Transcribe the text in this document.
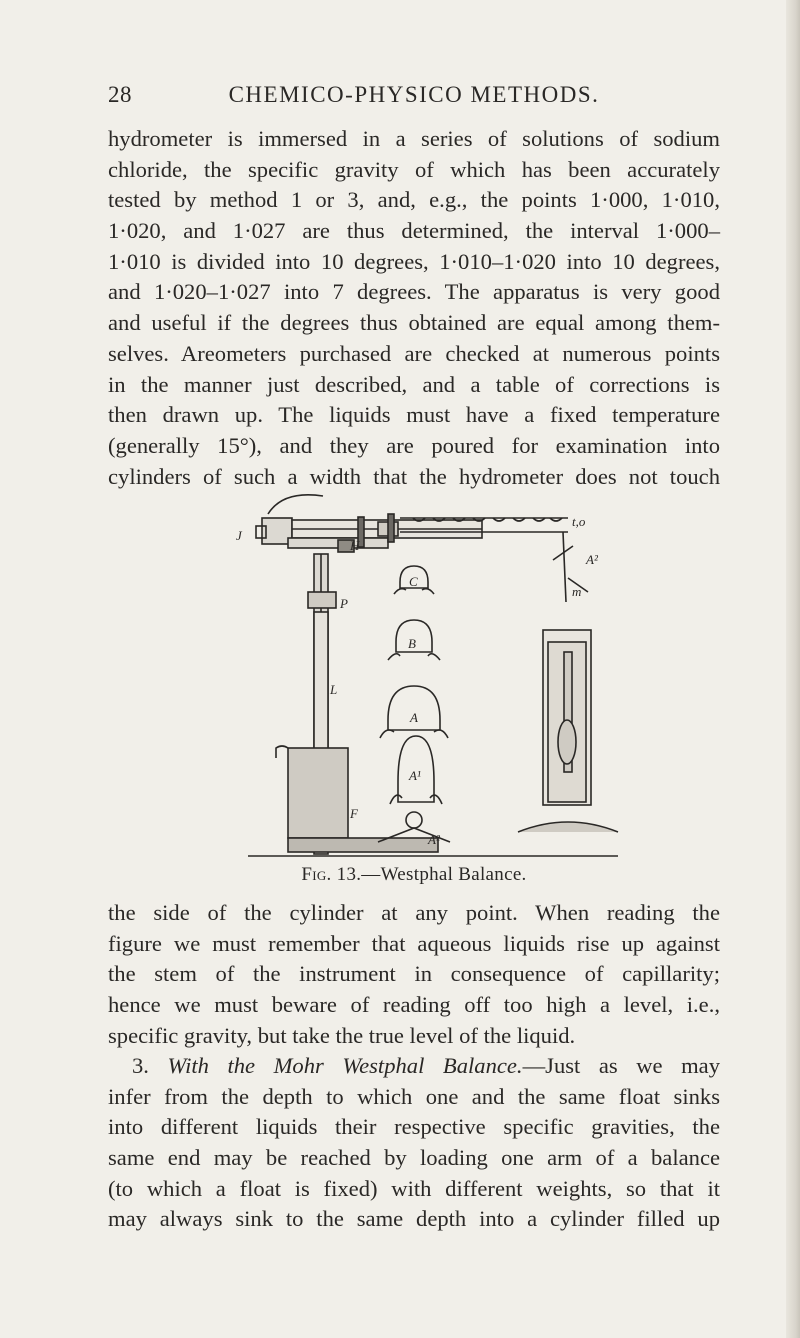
28	CHEMICO-PHYSICO METHODS.
hydrometer is immersed in a series of solutions of sodium
chloride, the specific gravity of which has been accurately
tested by method 1 or 3, and, e.g., the points 1·000, 1·010,
1·020, and 1·027 are thus determined, the interval 1·000–
1·010 is divided into 10 degrees, 1·010–1·020 into 10 degrees,
and 1·020–1·027 into 7 degrees. The apparatus is very good
and useful if the degrees thus obtained are equal among them-
selves. Areometers purchased are checked at numerous points
in the manner just described, and a table of corrections is
then drawn up. The liquids must have a fixed temperature
(generally 15°), and they are poured for examination into
cylinders of such a width that the hydrometer does not touch
J
H
t,o
A²
m
P
C
B
L
A
A¹
F
A²
Fig. 13.—Westphal Balance.
the side of the cylinder at any point. When reading the
figure we must remember that aqueous liquids rise up against
the stem of the instrument in consequence of capillarity;
hence we must beware of reading off too high a level, i.e.,
specific gravity, but take the true level of the liquid.
3. With the Mohr Westphal Balance.—Just as we may
infer from the depth to which one and the same float sinks
into different liquids their respective specific gravities, the
same end may be reached by loading one arm of a balance
(to which a float is fixed) with different weights, so that it
may always sink to the same depth into a cylinder filled up
